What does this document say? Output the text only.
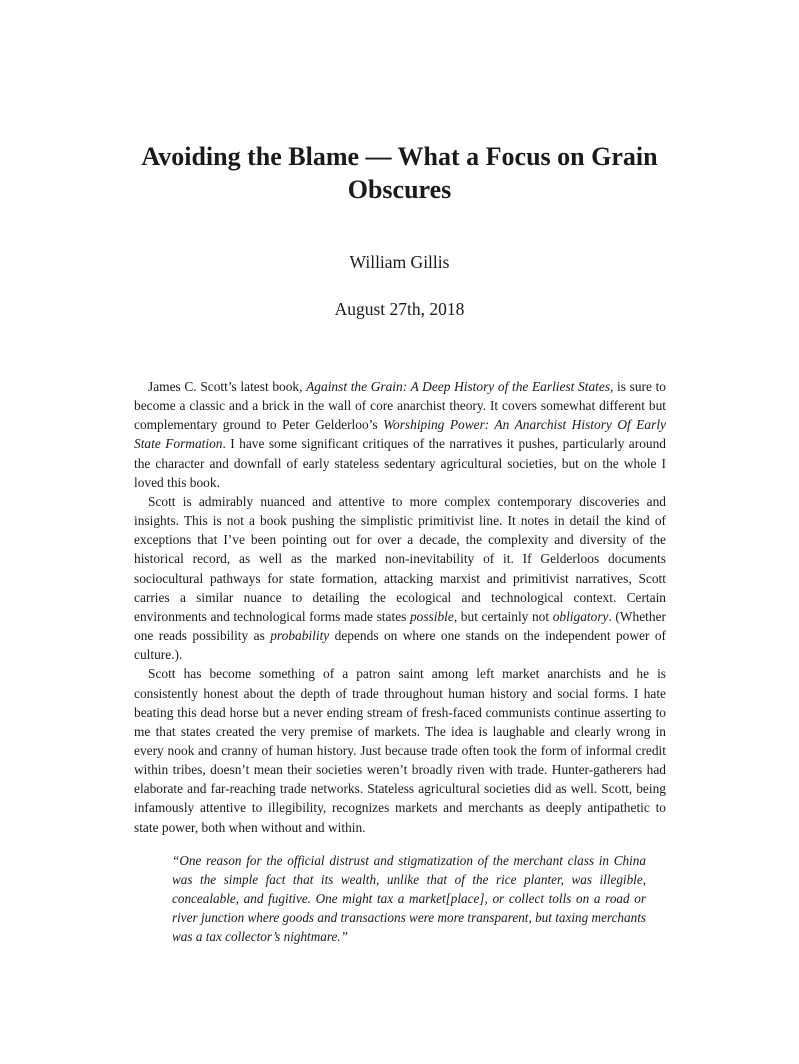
Avoiding the Blame — What a Focus on Grain Obscures
William Gillis
August 27th, 2018

James C. Scott’s latest book, Against the Grain: A Deep History of the Earliest States, is sure to become a classic and a brick in the wall of core anarchist theory. It covers somewhat different but complementary ground to Peter Gelderloo’s Worshiping Power: An Anarchist History Of Early State Formation. I have some significant critiques of the narratives it pushes, particularly around the character and downfall of early stateless sedentary agricultural societies, but on the whole I loved this book.

Scott is admirably nuanced and attentive to more complex contemporary discoveries and insights. This is not a book pushing the simplistic primitivist line. It notes in detail the kind of exceptions that I’ve been pointing out for over a decade, the complexity and diversity of the historical record, as well as the marked non-inevitability of it. If Gelderloos documents sociocultural pathways for state formation, attacking marxist and primitivist narratives, Scott carries a similar nuance to detailing the ecological and technological context. Certain environments and technological forms made states possible, but certainly not obligatory. (Whether one reads possibility as probability depends on where one stands on the independent power of culture.).

Scott has become something of a patron saint among left market anarchists and he is consistently honest about the depth of trade throughout human history and social forms. I hate beating this dead horse but a never ending stream of fresh-faced communists continue asserting to me that states created the very premise of markets. The idea is laughable and clearly wrong in every nook and cranny of human history. Just because trade often took the form of informal credit within tribes, doesn’t mean their societies weren’t broadly riven with trade. Hunter-gatherers had elaborate and far-reaching trade networks. Stateless agricultural societies did as well. Scott, being infamously attentive to illegibility, recognizes markets and merchants as deeply antipathetic to state power, both when without and within.

“One reason for the official distrust and stigmatization of the merchant class in China was the simple fact that its wealth, unlike that of the rice planter, was illegible, concealable, and fugitive. One might tax a market[place], or collect tolls on a road or river junction where goods and transactions were more transparent, but taxing merchants was a tax collector’s nightmare.”
